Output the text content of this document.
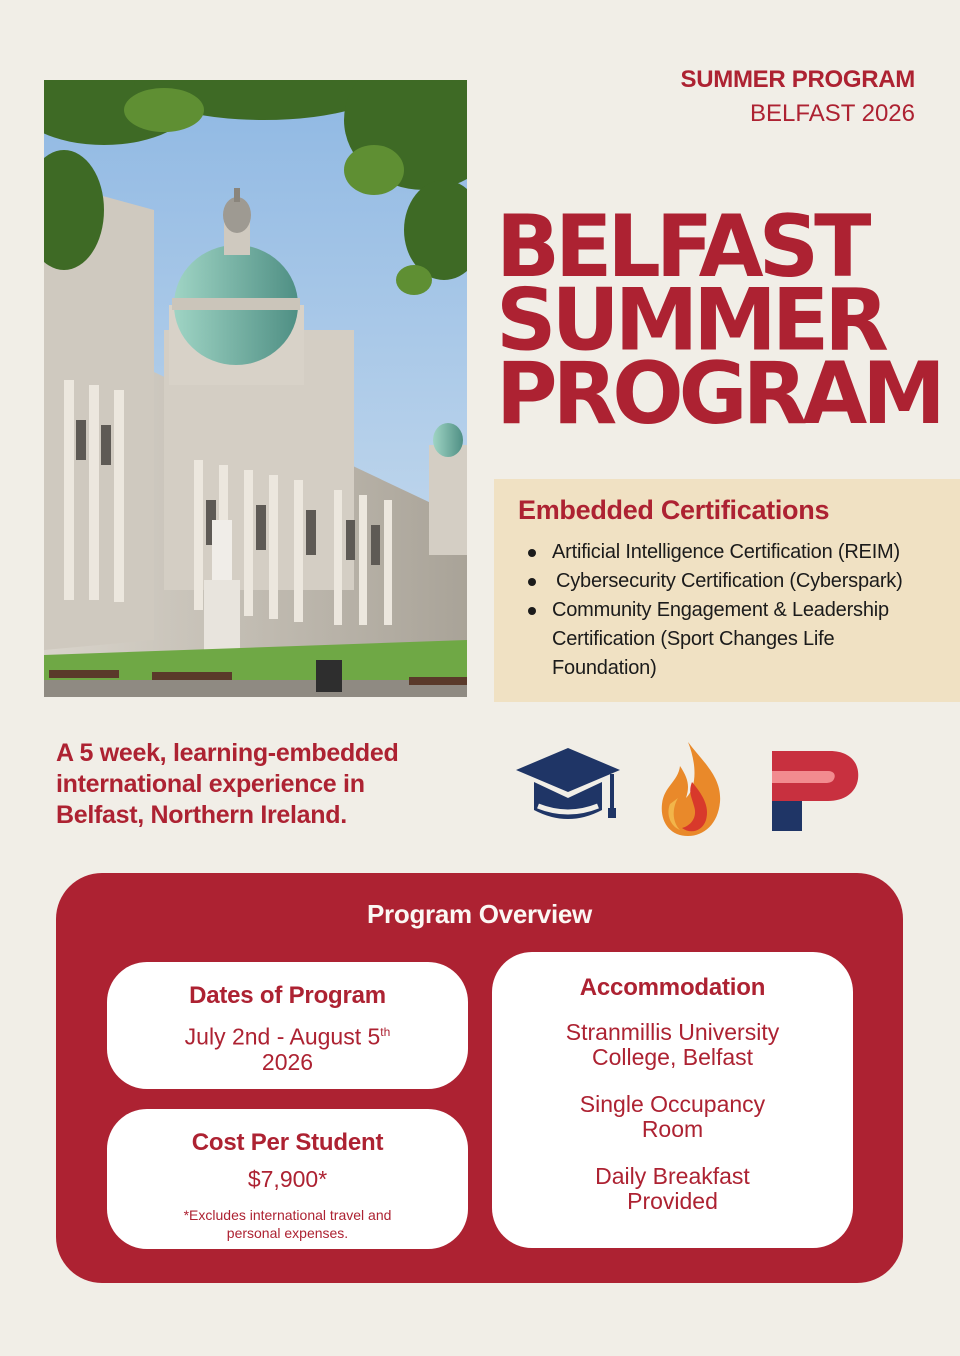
SUMMER PROGRAM
BELFAST 2026
BELFAST
SUMMER
PROGRAM
Embedded Certifications
Artificial Intelligence Certification (REIM)
Cybersecurity Certification (Cyberspark)
Community Engagement & Leadership Certification (Sport Changes Life Foundation)
A 5 week, learning-embedded international experience in Belfast, Northern Ireland.
Program Overview
Dates of Program
July 2nd - August 5th
2026
Cost Per Student
$7,900*
*Excludes international travel and personal expenses.
Accommodation
Stranmillis University College, Belfast
Single Occupancy Room
Daily Breakfast Provided
